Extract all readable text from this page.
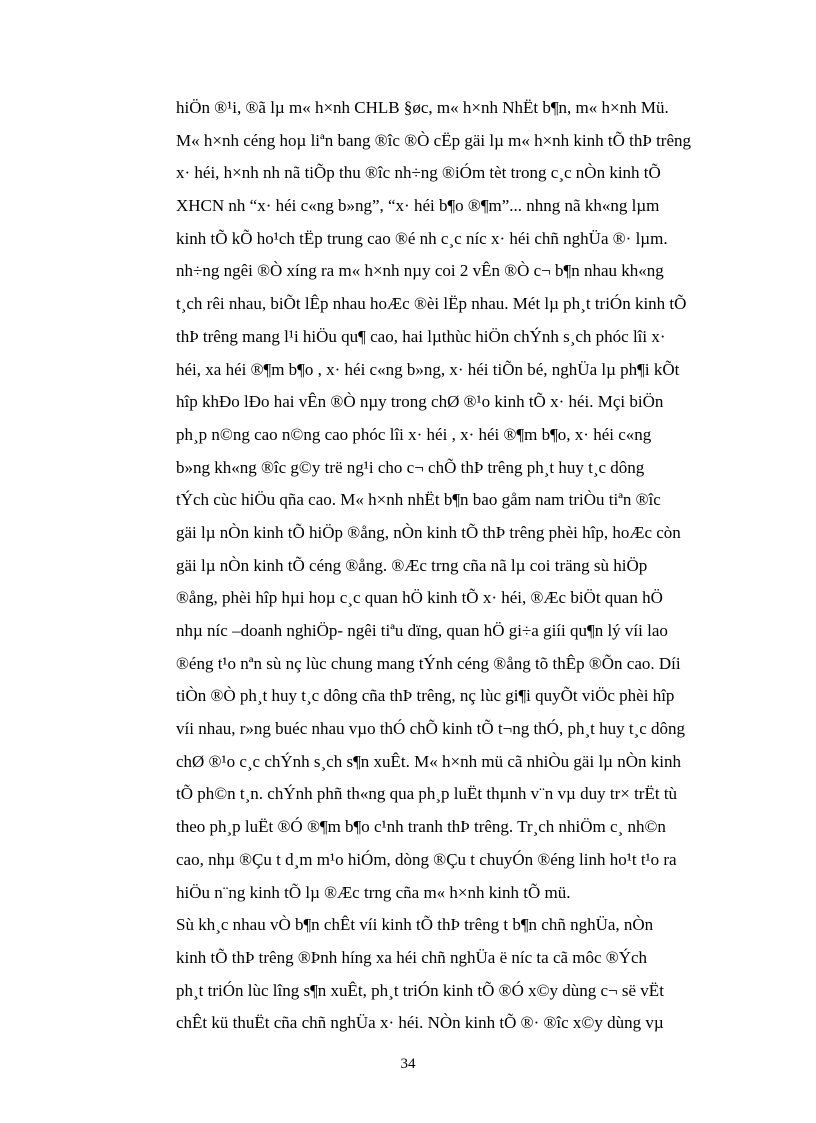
hiÖn ®¹i, ®ã lµ m« h×nh CHLB §øc, m« h×nh NhËt b¶n, m« h×nh Mü.
M« h×nh céng hoµ liªn bang ®îc ®Ò cËp gäi lµ m« h×nh kinh tÕ thÞ trêng
x· héi, h×nh nh nã tiÕp thu ®îc nh÷ng ®iÓm tèt trong c¸c nÒn kinh tÕ
XHCN nh “x· héi c«ng b»ng”, “x· héi b¶o ®¶m”... nhng nã kh«ng lµm
kinh tÕ kÕ ho¹ch tËp trung cao ®é nh c¸c níc x· héi chñ nghÜa ®· lµm.
nh÷ng ngêi ®Ò xíng ra m« h×nh nµy coi 2 vÊn ®Ò c¬ b¶n nhau kh«ng
t¸ch rêi nhau, biÕt lÊp nhau hoÆc ®èi lËp nhau. Mét lµ ph¸t triÓn kinh tÕ
thÞ trêng mang l¹i hiÖu qu¶ cao, hai lµthùc hiÖn chÝnh s¸ch phóc lîi x·
héi, xa héi ®¶m b¶o , x· héi c«ng b»ng, x· héi tiÕn bé, nghÜa lµ ph¶i kÕt
hîp khÐo lÐo hai vÊn ®Ò nµy trong chØ ®¹o kinh tÕ x· héi. Mçi biÖn
ph¸p n©ng cao n©ng cao phóc lîi x· héi , x· héi ®¶m b¶o, x· héi c«ng
b»ng kh«ng ®îc g©y trë ng¹i cho c¬ chÕ thÞ trêng ph¸t huy t¸c dông
tÝch cùc hiÖu qña cao. M« h×nh nhËt b¶n bao gåm nam triÒu tiªn ®îc
gäi lµ nÒn kinh tÕ hiÖp ®ång, nÒn kinh tÕ thÞ trêng phèi hîp, hoÆc còn
gäi lµ nÒn kinh tÕ céng ®ång. ®Æc trng cña nã lµ coi träng sù hiÖp
®ång, phèi hîp hµi hoµ c¸c quan hÖ kinh tÕ x· héi, ®Æc biÖt quan hÖ
nhµ níc –doanh nghiÖp- ngêi tiªu dïng, quan hÖ gi÷a giíi qu¶n lý víi lao
®éng t¹o nªn sù nç lùc chung mang tÝnh céng ®ång tõ thÊp ®Õn cao. Díi
tiÒn ®Ò ph¸t huy t¸c dông cña thÞ trêng, nç lùc gi¶i quyÕt viÖc phèi hîp
víi nhau, r»ng buéc nhau vµo thÓ chÕ kinh tÕ t¬ng thÓ, ph¸t huy t¸c dông
chØ ®¹o c¸c chÝnh s¸ch s¶n xuÊt. M« h×nh mü cã nhiÒu gäi lµ nÒn kinh
tÕ ph©n t¸n. chÝnh phñ th«ng qua ph¸p luËt thµnh v¨n vµ duy tr× trËt tù
theo ph¸p luËt ®Ó ®¶m b¶o c¹nh tranh thÞ trêng. Tr¸ch nhiÖm c¸ nh©n
cao, nhµ ®Çu t d¸m m¹o hiÓm, dòng ®Çu t chuyÓn ®éng linh ho¹t t¹o ra
hiÖu n¨ng kinh tÕ lµ ®Æc trng cña m« h×nh kinh tÕ mü.
Sù kh¸c nhau vÒ b¶n chÊt víi kinh tÕ thÞ trêng t b¶n chñ nghÜa, nÒn
kinh tÕ thÞ trêng ®Þnh híng xa héi chñ nghÜa ë níc ta cã môc ®Ých
ph¸t triÓn lùc lîng s¶n xuÊt, ph¸t triÓn kinh tÕ ®Ó x©y dùng c¬ së vËt
chÊt kü thuËt cña chñ nghÜa x· héi. NÒn kinh tÕ ®· ®îc x©y dùng vµ
34
